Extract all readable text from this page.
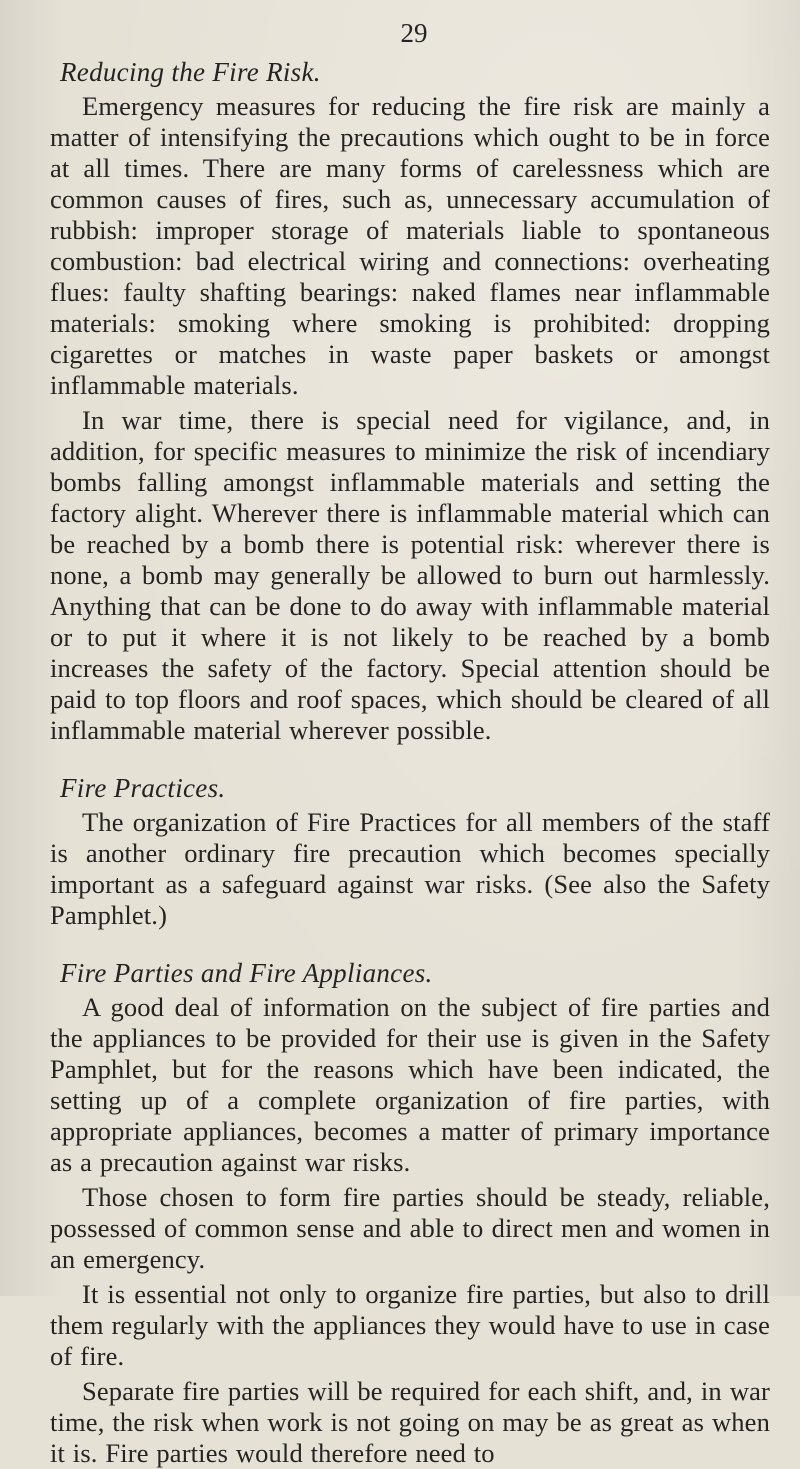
29
Reducing the Fire Risk.

Emergency measures for reducing the fire risk are mainly a matter of intensifying the precautions which ought to be in force at all times. There are many forms of carelessness which are common causes of fires, such as, unnecessary accumulation of rubbish: improper storage of materials liable to spontaneous combustion: bad electrical wiring and connections: overheating flues: faulty shafting bearings: naked flames near inflammable materials: smoking where smoking is prohibited: dropping cigarettes or matches in waste paper baskets or amongst inflammable materials.

In war time, there is special need for vigilance, and, in addition, for specific measures to minimize the risk of incendiary bombs falling amongst inflammable materials and setting the factory alight. Wherever there is inflammable material which can be reached by a bomb there is potential risk: wherever there is none, a bomb may generally be allowed to burn out harmlessly. Anything that can be done to do away with inflammable material or to put it where it is not likely to be reached by a bomb increases the safety of the factory. Special attention should be paid to top floors and roof spaces, which should be cleared of all inflammable material wherever possible.

Fire Practices.

The organization of Fire Practices for all members of the staff is another ordinary fire precaution which becomes specially important as a safeguard against war risks. (See also the Safety Pamphlet.)

Fire Parties and Fire Appliances.

A good deal of information on the subject of fire parties and the appliances to be provided for their use is given in the Safety Pamphlet, but for the reasons which have been indicated, the setting up of a complete organization of fire parties, with appropriate appliances, becomes a matter of primary importance as a precaution against war risks.

Those chosen to form fire parties should be steady, reliable, possessed of common sense and able to direct men and women in an emergency.

It is essential not only to organize fire parties, but also to drill them regularly with the appliances they would have to use in case of fire.

Separate fire parties will be required for each shift, and, in war time, the risk when work is not going on may be as great as when it is. Fire parties would therefore need to
